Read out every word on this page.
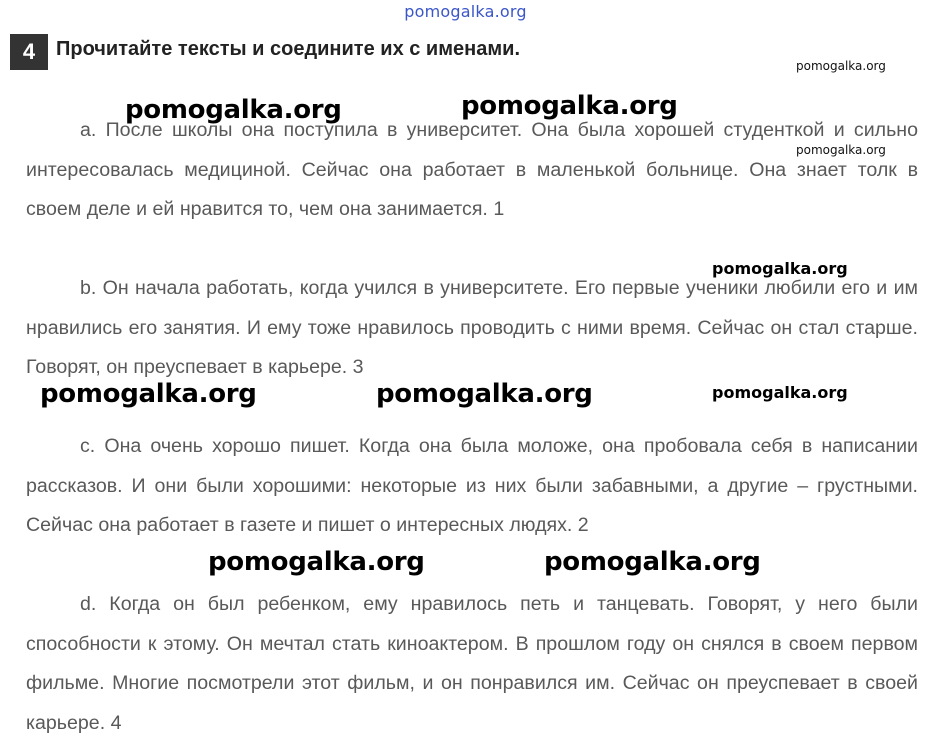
pomogalka.org
4	Прочитайте тексты и соедините их с именами.

a. После школы она поступила в университет. Она была хорошей студенткой и сильно интересовалась медициной. Сейчас она работает в маленькой больнице. Она знает толк в своем деле и ей нравится то, чем она занимается. 1

b. Он начала работать, когда учился в университете. Его первые ученики любили его и им нравились его занятия. И ему тоже нравилось проводить с ними время. Сейчас он стал старше. Говорят, он преуспевает в карьере. 3

c. Она очень хорошо пишет. Когда она была моложе, она пробовала себя в написании рассказов. И они были хорошими: некоторые из них были забавными, а другие – грустными. Сейчас она работает в газете и пишет о интересных людях. 2

d. Когда он был ребенком, ему нравилось петь и танцевать. Говорят, у него были способности к этому. Он мечтал стать киноактером. В прошлом году он снялся в своем первом фильме. Многие посмотрели этот фильм, и он понравился им. Сейчас он преуспевает в своей карьере. 4

pomogalka.org
pomogalka.org	pomogalka.org
pomogalka.org
pomogalka.org
pomogalka.org	pomogalka.org	pomogalka.org
pomogalka.org	pomogalka.org
